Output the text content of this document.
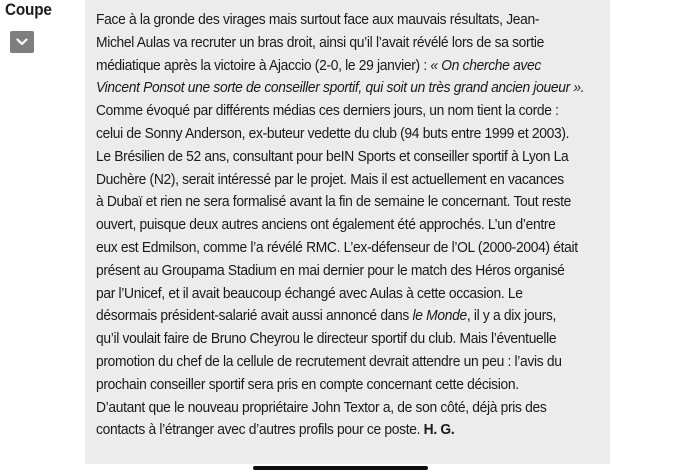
Coupe
Face à la gronde des virages mais surtout face aux mauvais résultats, Jean-
Michel Aulas va recruter un bras droit, ainsi qu’il l’avait révélé lors de sa sortie
médiatique après la victoire à Ajaccio (2-0, le 29 janvier) : « On cherche avec
Vincent Ponsot une sorte de conseiller sportif, qui soit un très grand ancien joueur ».
Comme évoqué par différents médias ces derniers jours, un nom tient la corde :
celui de Sonny Anderson, ex-buteur vedette du club (94 buts entre 1999 et 2003).
Le Brésilien de 52 ans, consultant pour beIN Sports et conseiller sportif à Lyon La
Duchère (N2), serait intéressé par le projet. Mais il est actuellement en vacances
à Dubaï et rien ne sera formalisé avant la fin de semaine le concernant. Tout reste
ouvert, puisque deux autres anciens ont également été approchés. L’un d’entre
eux est Edmilson, comme l’a révélé RMC. L’ex-défenseur de l’OL (2000-2004) était
présent au Groupama Stadium en mai dernier pour le match des Héros organisé
par l’Unicef, et il avait beaucoup échangé avec Aulas à cette occasion. Le
désormais président-salarié avait aussi annoncé dans le Monde, il y a dix jours,
qu’il voulait faire de Bruno Cheyrou le directeur sportif du club. Mais l’éventuelle
promotion du chef de la cellule de recrutement devrait attendre un peu : l’avis du
prochain conseiller sportif sera pris en compte concernant cette décision.
D’autant que le nouveau propriétaire John Textor a, de son côté, déjà pris des
contacts à l’étranger avec d’autres profils pour ce poste. H. G.
